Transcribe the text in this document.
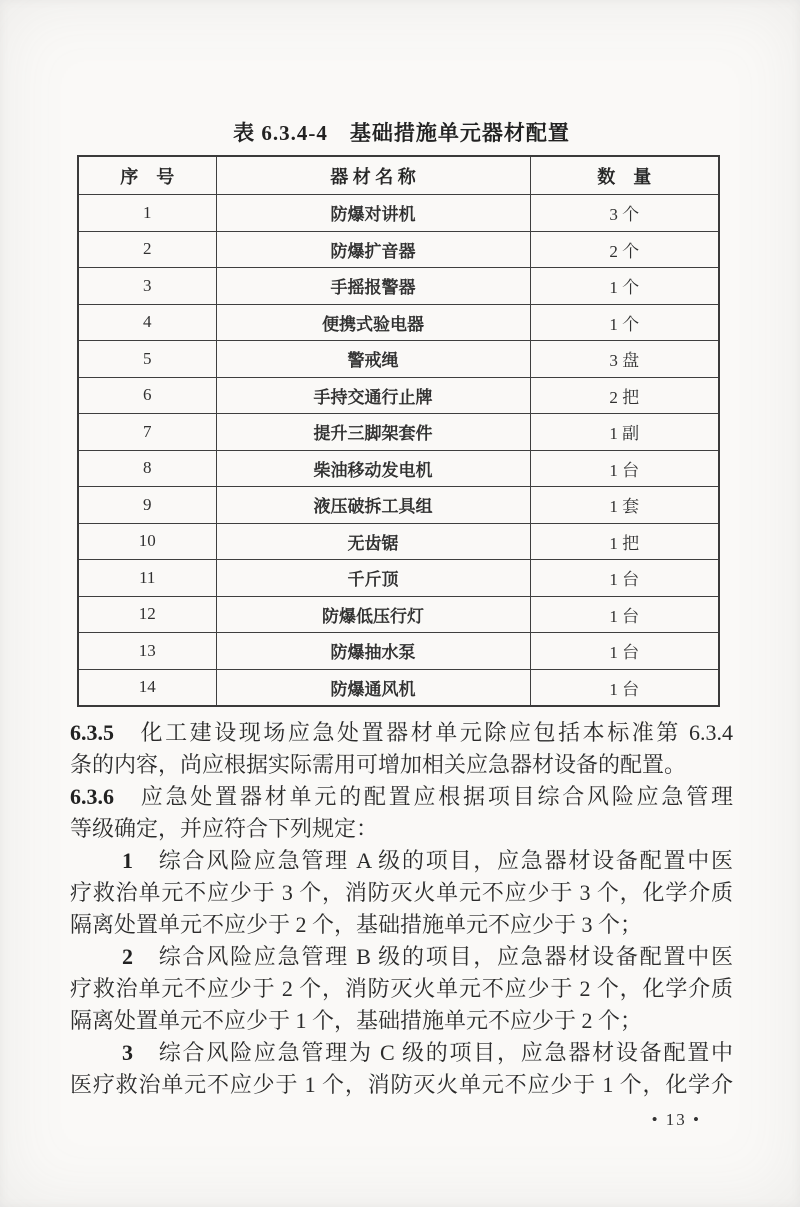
表 6.3.4-4　基础措施单元器材配置
序　号	器 材 名 称	数　量
1	防爆对讲机	3 个
2	防爆扩音器	2 个
3	手摇报警器	1 个
4	便携式验电器	1 个
5	警戒绳	3 盘
6	手持交通行止牌	2 把
7	提升三脚架套件	1 副
8	柴油移动发电机	1 台
9	液压破拆工具组	1 套
10	无齿锯	1 把
11	千斤顶	1 台
12	防爆低压行灯	1 台
13	防爆抽水泵	1 台
14	防爆通风机	1 台
6.3.5 化工建设现场应急处置器材单元除应包括本标准第 6.3.4
条的内容，尚应根据实际需用可增加相关应急器材设备的配置。
6.3.6 应急处置器材单元的配置应根据项目综合风险应急管理
等级确定，并应符合下列规定：
1 综合风险应急管理 A 级的项目，应急器材设备配置中医
疗救治单元不应少于 3 个，消防灭火单元不应少于 3 个，化学介质
隔离处置单元不应少于 2 个，基础措施单元不应少于 3 个；
2 综合风险应急管理 B 级的项目，应急器材设备配置中医
疗救治单元不应少于 2 个，消防灭火单元不应少于 2 个，化学介质
隔离处置单元不应少于 1 个，基础措施单元不应少于 2 个；
3 综合风险应急管理为 C 级的项目，应急器材设备配置中
医疗救治单元不应少于 1 个，消防灭火单元不应少于 1 个，化学介
• 13 •
